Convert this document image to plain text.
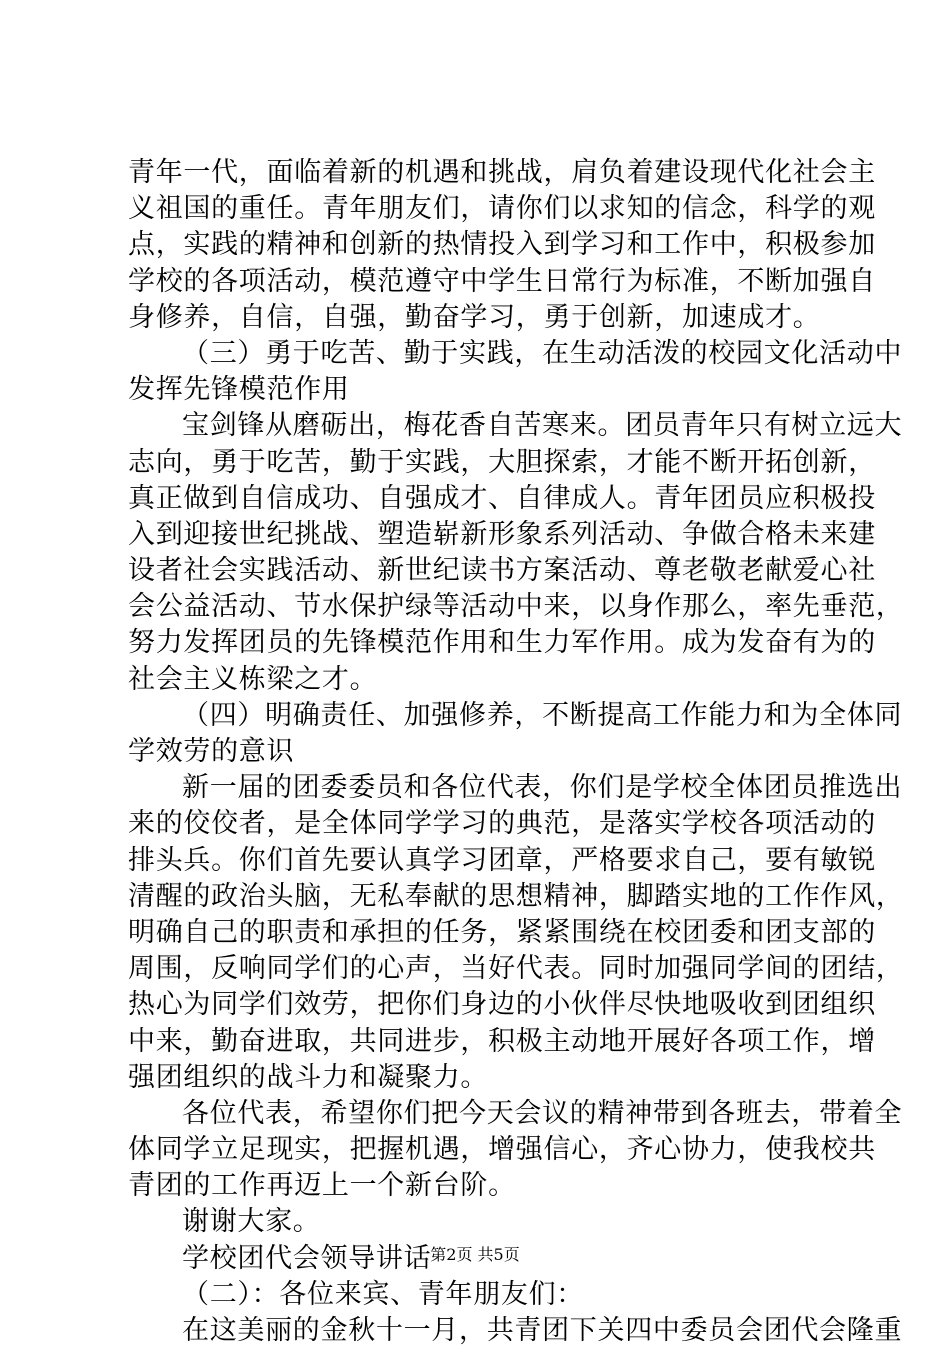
青年一代，面临着新的机遇和挑战，肩负着建设现代化社会主
义祖国的重任。青年朋友们，请你们以求知的信念，科学的观
点，实践的精神和创新的热情投入到学习和工作中，积极参加
学校的各项活动，模范遵守中学生日常行为标准，不断加强自
身修养，自信，自强，勤奋学习，勇于创新，加速成才。
（三）勇于吃苦、勤于实践，在生动活泼的校园文化活动中
发挥先锋模范作用
宝剑锋从磨砺出，梅花香自苦寒来。团员青年只有树立远大
志向，勇于吃苦，勤于实践，大胆探索，才能不断开拓创新，
真正做到自信成功、自强成才、自律成人。青年团员应积极投
入到迎接世纪挑战、塑造崭新形象系列活动、争做合格未来建
设者社会实践活动、新世纪读书方案活动、尊老敬老献爱心社
会公益活动、节水保护绿等活动中来，以身作那么，率先垂范，
努力发挥团员的先锋模范作用和生力军作用。成为发奋有为的
社会主义栋梁之才。
（四）明确责任、加强修养，不断提高工作能力和为全体同
学效劳的意识
新一届的团委委员和各位代表，你们是学校全体团员推选出
来的佼佼者，是全体同学学习的典范，是落实学校各项活动的
排头兵。你们首先要认真学习团章，严格要求自己，要有敏锐
清醒的政治头脑，无私奉献的思想精神，脚踏实地的工作作风，
明确自己的职责和承担的任务，紧紧围绕在校团委和团支部的
周围，反响同学们的心声，当好代表。同时加强同学间的团结，
热心为同学们效劳，把你们身边的小伙伴尽快地吸收到团组织
中来，勤奋进取，共同进步，积极主动地开展好各项工作，增
强团组织的战斗力和凝聚力。
各位代表，希望你们把今天会议的精神带到各班去，带着全
体同学立足现实，把握机遇，增强信心，齐心协力，使我校共
青团的工作再迈上一个新台阶。
谢谢大家。
学校团代会领导讲话
（二）：各位来宾、青年朋友们：
在这美丽的金秋十一月，共青团下关四中委员会团代会隆重
第2页 共5页
